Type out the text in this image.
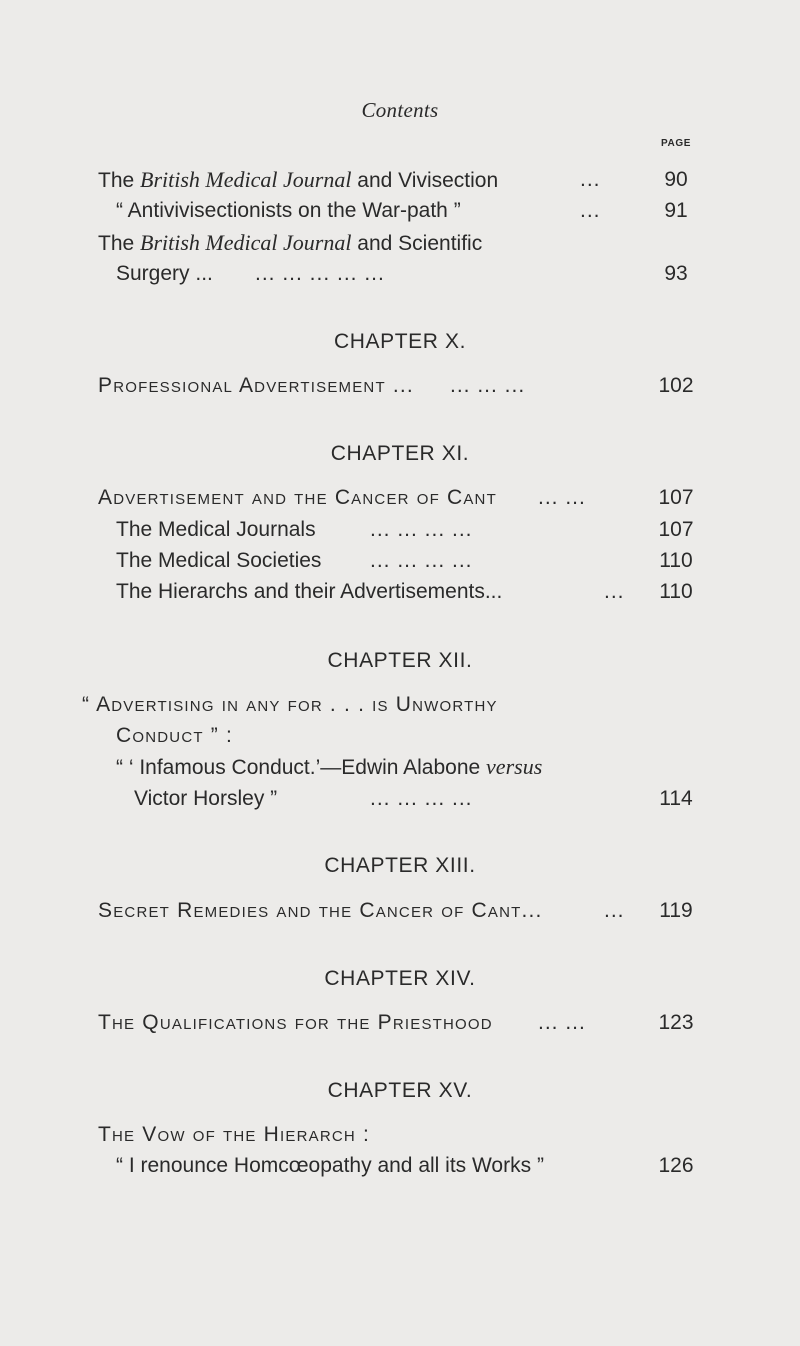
Contents
PAGE
The British Medical Journal and Vivisection	...	90
“ Antivivisectionists on the War-path ”	...	91
The British Medical Journal and Scientific
Surgery ... ... ... ... ... ...	93
CHAPTER X.
Professional Advertisement ... ... ... ...	102
CHAPTER XI.
Advertisement and the Cancer of Cant ... ...	107
The Medical Journals	... ... ... ...	107
The Medical Societies ... ... ... ...	110
The Hierarchs and their Advertisements...	...	110
CHAPTER XII.
“ Advertising in any for . . . is Unworthy
Conduct ” :
“ ‘ Infamous Conduct.’—Edwin Alabone versus
Victor Horsley ”	... ... ... ...	114
CHAPTER XIII.
Secret Remedies and the Cancer of Cant...	...	119
CHAPTER XIV.
The Qualifications for the Priesthood ... ...	123
CHAPTER XV.
The Vow of the Hierarch :
“ I renounce Homcœopathy and all its Works ”	126
